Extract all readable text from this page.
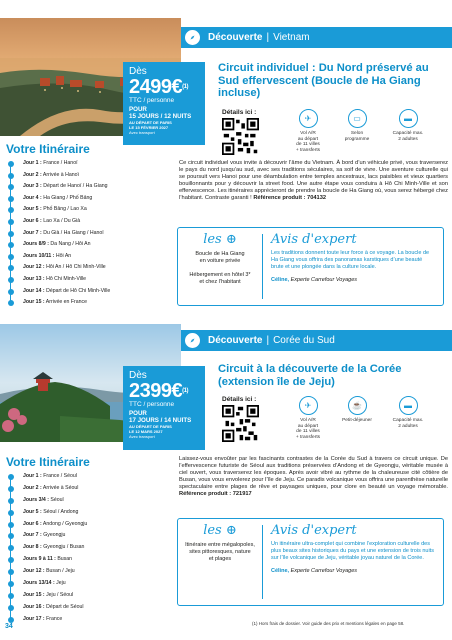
Découverte | Vietnam
Dès
2499€$^{(1)}$
TTC / personne
POUR
15 JOURS / 12 NUITS
AU DÉPART DE PARIS
LE 15 FÉVRIER 2027
Avec transport
Circuit individuel : Du Nord préservé au Sud effervescent (Boucle de Ha Giang incluse)
Détails ici :
✈
Vol A/R
au départ
de 11 villes
+ transferts
▭
Selon
programme
▬
Capacité max.
2 adultes
Ce circuit individuel vous invite à découvrir l’âme du Vietnam. À bord d’un véhicule privé, vous traverserez le pays du nord jusqu’au sud, avec ses traditions séculaires, sa soif de vivre. Une aventure culturelle qui se poursuit vers Hanoi pour une déambulation entre temples ancestraux, lacs paisibles et vieux quartiers bouillonnants pour y découvrir la street food. Une autre étape vous conduira à Hô Chi Minh-Ville et son effervescence. Les itinéraires apprécieront de prendre la boucle de Ha Giang où, vous serez hébergé chez l’habitant. Contraste garanti ! Référence produit : 704132
Votre Itinéraire
Jour 1 : France / Hanoï
Jour 2 : Arrivée à Hanoï
Jour 3 : Départ de Hanoï / Ha Giang
Jour 4 : Ha Giang / Phố Bảng
Jour 5 : Phố Bảng / Lao Xa
Jour 6 : Lao Xa / Du Già
Jour 7 : Du Già / Ha Giang / Hanoï
Jours 8/9 : Da Nang / Hôi An
Jours 10/11 : Hôi An
Jour 12 : Hôi An / Hô Chi Minh-Ville
Jour 13 : Hô Chi Minh-Ville
Jour 14 : Départ de Hô Chi Minh-Ville
Jour 15 : Arrivée en France
les ⊕
Boucle de Ha Giang
en voiture privée

Hébergement en hôtel 3*
et chez l’habitant
Avis d'expert
Les traditions donnent toute leur force à ce voyage. La boucle de Ha Giang vous offrira des panoramas karstiques d’une beauté brute et une plongée dans la culture locale.
Céline, Experte Carrefour Voyages
Découverte | Corée du Sud
Dès
2399€$^{(1)}$
TTC / personne
POUR
17 JOURS / 14 NUITS
AU DÉPART DE PARIS
LE 12 MARS 2027
Avec transport
Circuit à la découverte de la Corée (extension île de Jeju)
Détails ici :
✈
Vol A/R
au départ
de 11 villes
+ transferts
☕
Petit-déjeuner
▬
Capacité max.
2 adultes
Laissez-vous envoûter par les fascinants contrastes de la Corée du Sud à travers ce circuit unique. De l’effervescence futuriste de Séoul aux traditions préservées d’Andong et de Gyeongju, véritable musée à ciel ouvert, vous traverserez les époques. Après avoir vibré au rythme de la chaleureuse cité côtière de Busan, vous vous envolerez pour l’île de Jeju. Ce paradis volcanique vous offrira une parenthèse naturelle spectaculaire entre plages de rêve et paysages uniques, pour clore en beauté un voyage mémorable. Référence produit : 721917
Votre Itinéraire
Jour 1 : France / Séoul
Jour 2 : Arrivée à Séoul
Jours 3/4 : Séoul
Jour 5 : Séoul / Andong
Jour 6 : Andong / Gyeongju
Jour 7 : Gyeongju
Jour 8 : Gyeongju / Busan
Jours 9 à 11 : Busan
Jour 12 : Busan / Jeju
Jours 13/14 : Jeju
Jour 15 : Jeju / Séoul
Jour 16 : Départ de Séoul
Jour 17 : France
les ⊕
Itinéraire entre mégalopoles,
sites pittoresques, nature
et plages
Avis d'expert
Un itinéraire ultra-complet qui combine l’exploration culturelle des plus beaux sites historiques du pays et une extension de trois nuits sur l’île volcanique de Jeju, véritable joyau naturel de la Corée.
Céline, Experte Carrefour Voyages
34	(1) Hors frais de dossier. Voir guide des prix et mentions légales en page 58.
